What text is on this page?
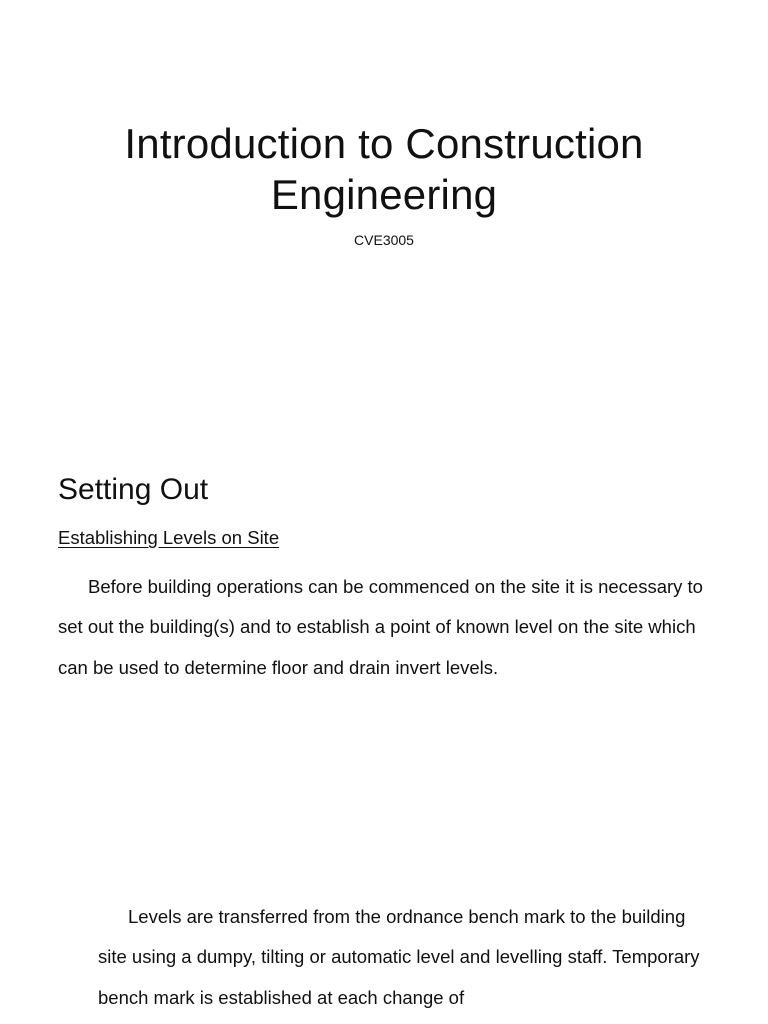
Introduction to Construction
Engineering

CVE3005

Setting Out

Establishing Levels on Site

Before building operations can be commenced on the site it is necessary to set out the building(s) and to establish a point of known level on the site which can be used to determine floor and drain invert levels.

Levels are transferred from the ordnance bench mark to the building site using a dumpy, tilting or automatic level and levelling staff. Temporary bench mark is established at each change of
